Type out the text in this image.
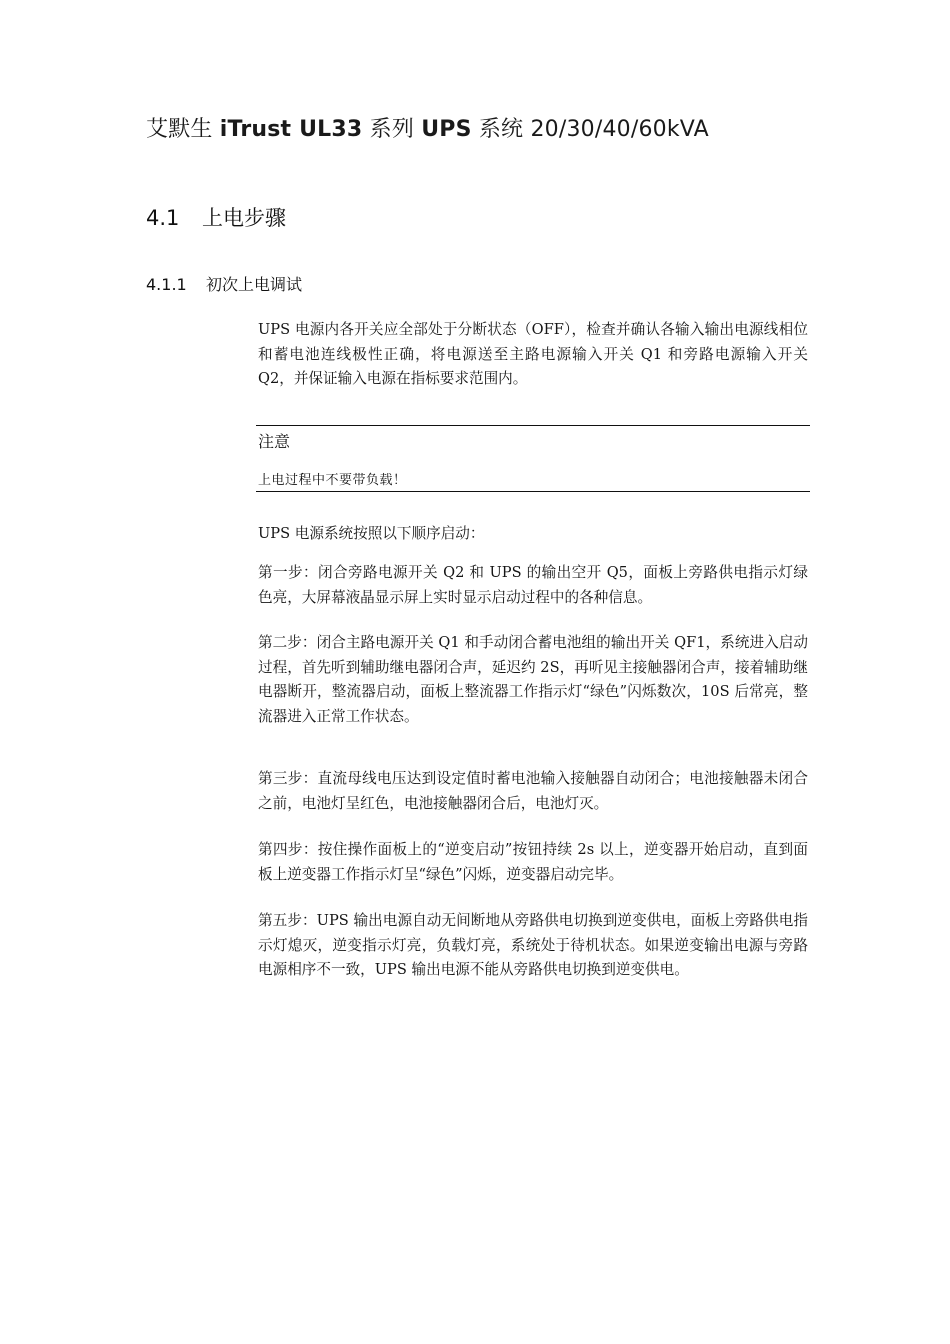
艾默生 iTrust UL33 系列 UPS 系统 20/30/40/60kVA
4.1 上电步骤
4.1.1 初次上电调试

UPS 电源内各开关应全部处于分断状态（OFF），检查并确认各输入输出电源线相位和蓄电池连线极性正确，将电源送至主路电源输入开关 Q1 和旁路电源输入开关 Q2，并保证输入电源在指标要求范围内。

注意
上电过程中不要带负载！

UPS 电源系统按照以下顺序启动：

第一步：闭合旁路电源开关 Q2 和 UPS 的输出空开 Q5，面板上旁路供电指示灯绿色亮，大屏幕液晶显示屏上实时显示启动过程中的各种信息。

第二步：闭合主路电源开关 Q1 和手动闭合蓄电池组的输出开关 QF1，系统进入启动过程，首先听到辅助继电器闭合声，延迟约 2S，再听见主接触器闭合声，接着辅助继电器断开，整流器启动，面板上整流器工作指示灯“绿色”闪烁数次，10S 后常亮，整流器进入正常工作状态。

第三步：直流母线电压达到设定值时蓄电池输入接触器自动闭合；电池接触器未闭合之前，电池灯呈红色，电池接触器闭合后，电池灯灭。

第四步：按住操作面板上的“逆变启动”按钮持续 2s 以上，逆变器开始启动，直到面板上逆变器工作指示灯呈“绿色”闪烁，逆变器启动完毕。

第五步：UPS 输出电源自动无间断地从旁路供电切换到逆变供电，面板上旁路供电指示灯熄灭，逆变指示灯亮，负载灯亮，系统处于待机状态。如果逆变输出电源与旁路电源相序不一致，UPS 输出电源不能从旁路供电切换到逆变供电。
